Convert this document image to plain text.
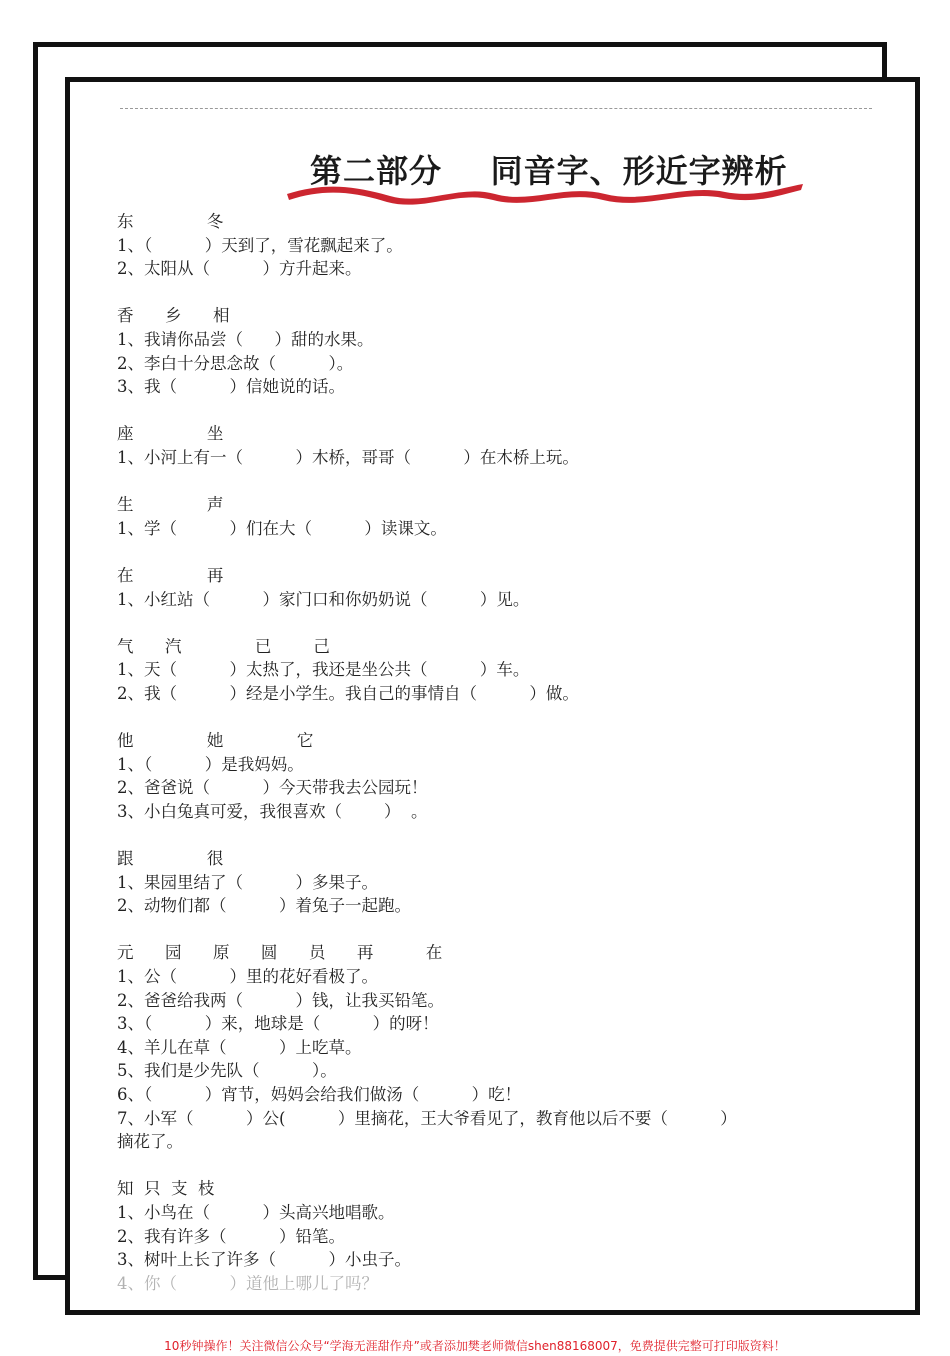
第二部分    同音字、形近字辨析
东              冬
1、（          ）天到了，雪花飘起来了。
2、太阳从（          ）方升起来。
香      乡      相
1、我请你品尝（      ）甜的水果。
2、李白十分思念故（          ）。
3、我（          ）信她说的话。
座              坐
1、小河上有一（          ）木桥，哥哥（          ）在木桥上玩。
生              声
1、学（          ）们在大（          ）读课文。
在              再
1、小红站（          ）家门口和你奶奶说（          ）见。
气      汽              已        己
1、天（          ）太热了，我还是坐公共（          ）车。
2、我（          ）经是小学生。我自己的事情自（          ）做。
他              她              它
1、（          ）是我妈妈。
2、爸爸说（          ）今天带我去公园玩！
3、小白兔真可爱，我很喜欢（        ）  。
跟              很
1、果园里结了（          ）多果子。
2、动物们都（          ）着兔子一起跑。
元      园      原      圆      员      再          在
1、公（          ）里的花好看极了。
2、爸爸给我两（          ）钱，让我买铅笔。
3、（          ）来，地球是（          ）的呀！
4、羊儿在草（          ）上吃草。
5、我们是少先队（          ）。
6、（          ）宵节，妈妈会给我们做汤（          ）吃！
7、小军（          ）公(          ）里摘花，王大爷看见了，教育他以后不要（          ）
摘花了。
知  只  支  枝
1、小鸟在（          ）头高兴地唱歌。
2、我有许多（          ）铅笔。
3、树叶上长了许多（          ）小虫子。
4、你（          ）道他上哪儿了吗？
10秒钟操作！关注微信公众号“学海无涯甜作舟”或者添加樊老师微信shen88168007，免费提供完整可打印版资料！
